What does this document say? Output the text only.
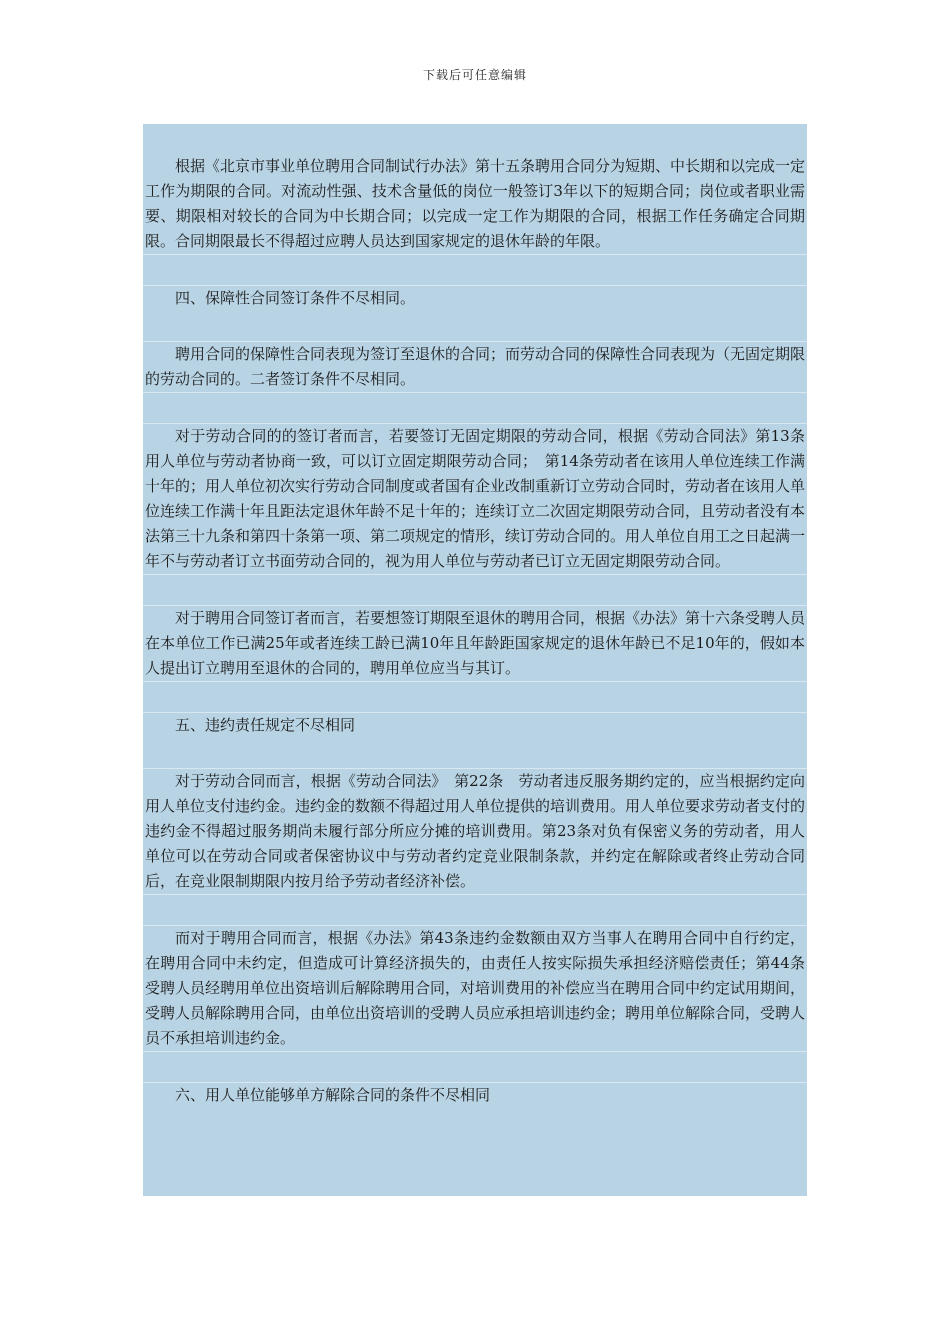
下载后可任意编辑

根据《北京市事业单位聘用合同制试行办法》第十五条聘用合同分为短期、中长期和以完成一定工作为期限的合同。对流动性强、技术含量低的岗位一般签订3年以下的短期合同；岗位或者职业需要、期限相对较长的合同为中长期合同；以完成一定工作为期限的合同，根据工作任务确定合同期限。合同期限最长不得超过应聘人员达到国家规定的退休年龄的年限。

四、保障性合同签订条件不尽相同。

聘用合同的保障性合同表现为签订至退休的合同；而劳动合同的保障性合同表现为（无固定期限的劳动合同的。二者签订条件不尽相同。

对于劳动合同的的签订者而言，若要签订无固定期限的劳动合同，根据《劳动合同法》第13条用人单位与劳动者协商一致，可以订立固定期限劳动合同；　第14条劳动者在该用人单位连续工作满十年的；用人单位初次实行劳动合同制度或者国有企业改制重新订立劳动合同时，劳动者在该用人单位连续工作满十年且距法定退休年龄不足十年的；连续订立二次固定期限劳动合同，且劳动者没有本法第三十九条和第四十条第一项、第二项规定的情形，续订劳动合同的。用人单位自用工之日起满一年不与劳动者订立书面劳动合同的，视为用人单位与劳动者已订立无固定期限劳动合同。

对于聘用合同签订者而言，若要想签订期限至退休的聘用合同，根据《办法》第十六条受聘人员在本单位工作已满25年或者连续工龄已满10年且年龄距国家规定的退休年龄已不足10年的，假如本人提出订立聘用至退休的合同的，聘用单位应当与其订。

五、违约责任规定不尽相同

对于劳动合同而言，根据《劳动合同法》　第22条　劳动者违反服务期约定的，应当根据约定向用人单位支付违约金。违约金的数额不得超过用人单位提供的培训费用。用人单位要求劳动者支付的违约金不得超过服务期尚未履行部分所应分摊的培训费用。第23条对负有保密义务的劳动者，用人单位可以在劳动合同或者保密协议中与劳动者约定竞业限制条款，并约定在解除或者终止劳动合同后，在竞业限制期限内按月给予劳动者经济补偿。

而对于聘用合同而言，根据《办法》第43条违约金数额由双方当事人在聘用合同中自行约定，在聘用合同中未约定，但造成可计算经济损失的，由责任人按实际损失承担经济赔偿责任；第44条受聘人员经聘用单位出资培训后解除聘用合同，对培训费用的补偿应当在聘用合同中约定试用期间，受聘人员解除聘用合同，由单位出资培训的受聘人员应承担培训违约金；聘用单位解除合同，受聘人员不承担培训违约金。

六、用人单位能够单方解除合同的条件不尽相同
